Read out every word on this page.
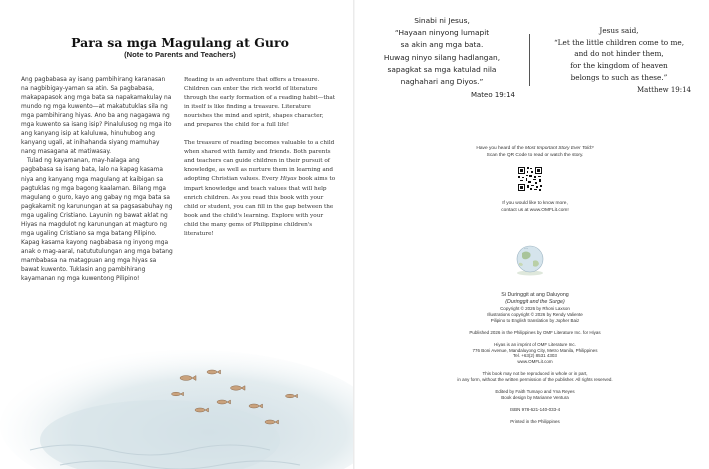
Para sa mga Magulang at Guro
(Note to Parents and Teachers)

Ang pagbabasa ay isang pambihirang karanasan na nagbibigay-yaman sa atin. Sa pagbabasa, makapapasok ang mga bata sa napakamakulay na mundo ng mga kuwento—at makatutuklas sila ng mga pambihirang hiyas. Ano ba ang nagagawa ng mga kuwento sa isang isip? Pinalulusog ng mga ito ang kanyang isip at kaluluwa, hinuhubog ang kanyang ugali, at inihahanda siyang mamuhay nang masagana at matiwasay.

Tulad ng kayamanan, may-halaga ang pagbabasa sa isang bata, lalo na kapag kasama niya ang kanyang mga magulang at kaibigan sa pagtuklas ng mga bagong kaalaman. Bilang mga magulang o guro, kayo ang gabay ng mga bata sa pagkakamit ng karunungan at sa pagsasabuhay ng mga ugaling Cristiano. Layunin ng bawat aklat ng Hiyas na magdulot ng karunungan at magturo ng mga ugaling Cristiano sa mga batang Pilipino. Kapag kasama kayong nagbabasa ng inyong mga anak o mag-aaral, natututulungan ang mga batang mambabasa na matagpuan ang mga hiyas sa bawat kuwento. Tuklasin ang pambihirang kayamanan ng mga kuwentong Pilipino!

Reading is an adventure that offers a treasure. Children can enter the rich world of literature through the early formation of a reading habit—that in itself is like finding a treasure. Literature nourishes the mind and spirit, shapes character, and prepares the child for a full life!

The treasure of reading becomes valuable to a child when shared with family and friends. Both parents and teachers can guide children in their pursuit of knowledge, as well as nurture them in learning and adopting Christian values. Every Hiyas book aims to impart knowledge and teach values that will help enrich children. As you read this book with your child or student, you can fill in the gap between the book and the child's learning. Explore with your child the many gems of Philippine children's literature!

Sinabi ni Jesus,
“Hayaan ninyong lumapit
sa akin ang mga bata.
Huwag ninyo silang hadlangan,
sapagkat sa mga katulad nila
naghahari ang Diyos.”
Mateo 19:14
Jesus said,
“Let the little children come to me,
and do not hinder them,
for the kingdom of heaven
belongs to such as these.”
Matthew 19:14
Have you heard of the Most Important Story Ever Told?
Scan the QR Code to read or watch the story.
If you would like to know more,
contact us at www.OMFLit.com!
Si Duringgit at ang Daluyong
(Duringgit and the Surge)
Copyright © 2026 by Rhoni Laxson
Illustrations copyright © 2026 by Rendy Valiente
Pilipino to English translation by Jopher Baiz
Published 2026 in the Philippines by OMF Literature Inc. for Hiyas
Hiyas is an imprint of OMF Literature Inc.
776 Boni Avenue, Mandaluyong City, Metro Manila, Philippines
Tel. +63(2) 8531 4303
www.OMFLit.com
This book may not be reproduced in whole or in part,
in any form, without the written permission of the publisher. All rights reserved.
Edited by Faith Tumayo and Yna Reyes
Book design by Marianne Ventura
ISBN 978-621-140-033-4
Printed in the Philippines
